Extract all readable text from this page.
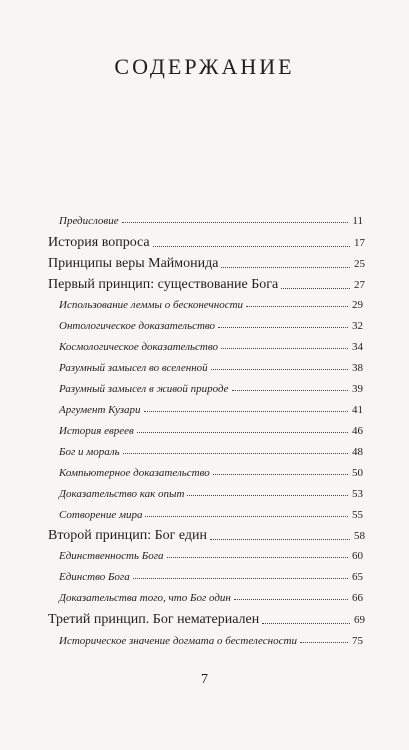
СОДЕРЖАНИЕ
Предисловие	11
История вопроса	17
Принципы веры Маймонида	25
Первый принцип: существование Бога	27
Использование леммы о бесконечности	29
Онтологическое доказательство	32
Космологическое доказательство	34
Разумный замысел во вселенной	38
Разумный замысел в живой природе	39
Аргумент Кузари	41
История евреев	46
Бог и мораль	48
Компьютерное доказательство	50
Доказательство как опыт	53
Сотворение мира	55
Второй принцип: Бог един	58
Единственность Бога	60
Единство Бога	65
Доказательства того, что Бог один	66
Третий принцип. Бог нематериален	69
Историческое значение догмата о бестелесности	75
7
